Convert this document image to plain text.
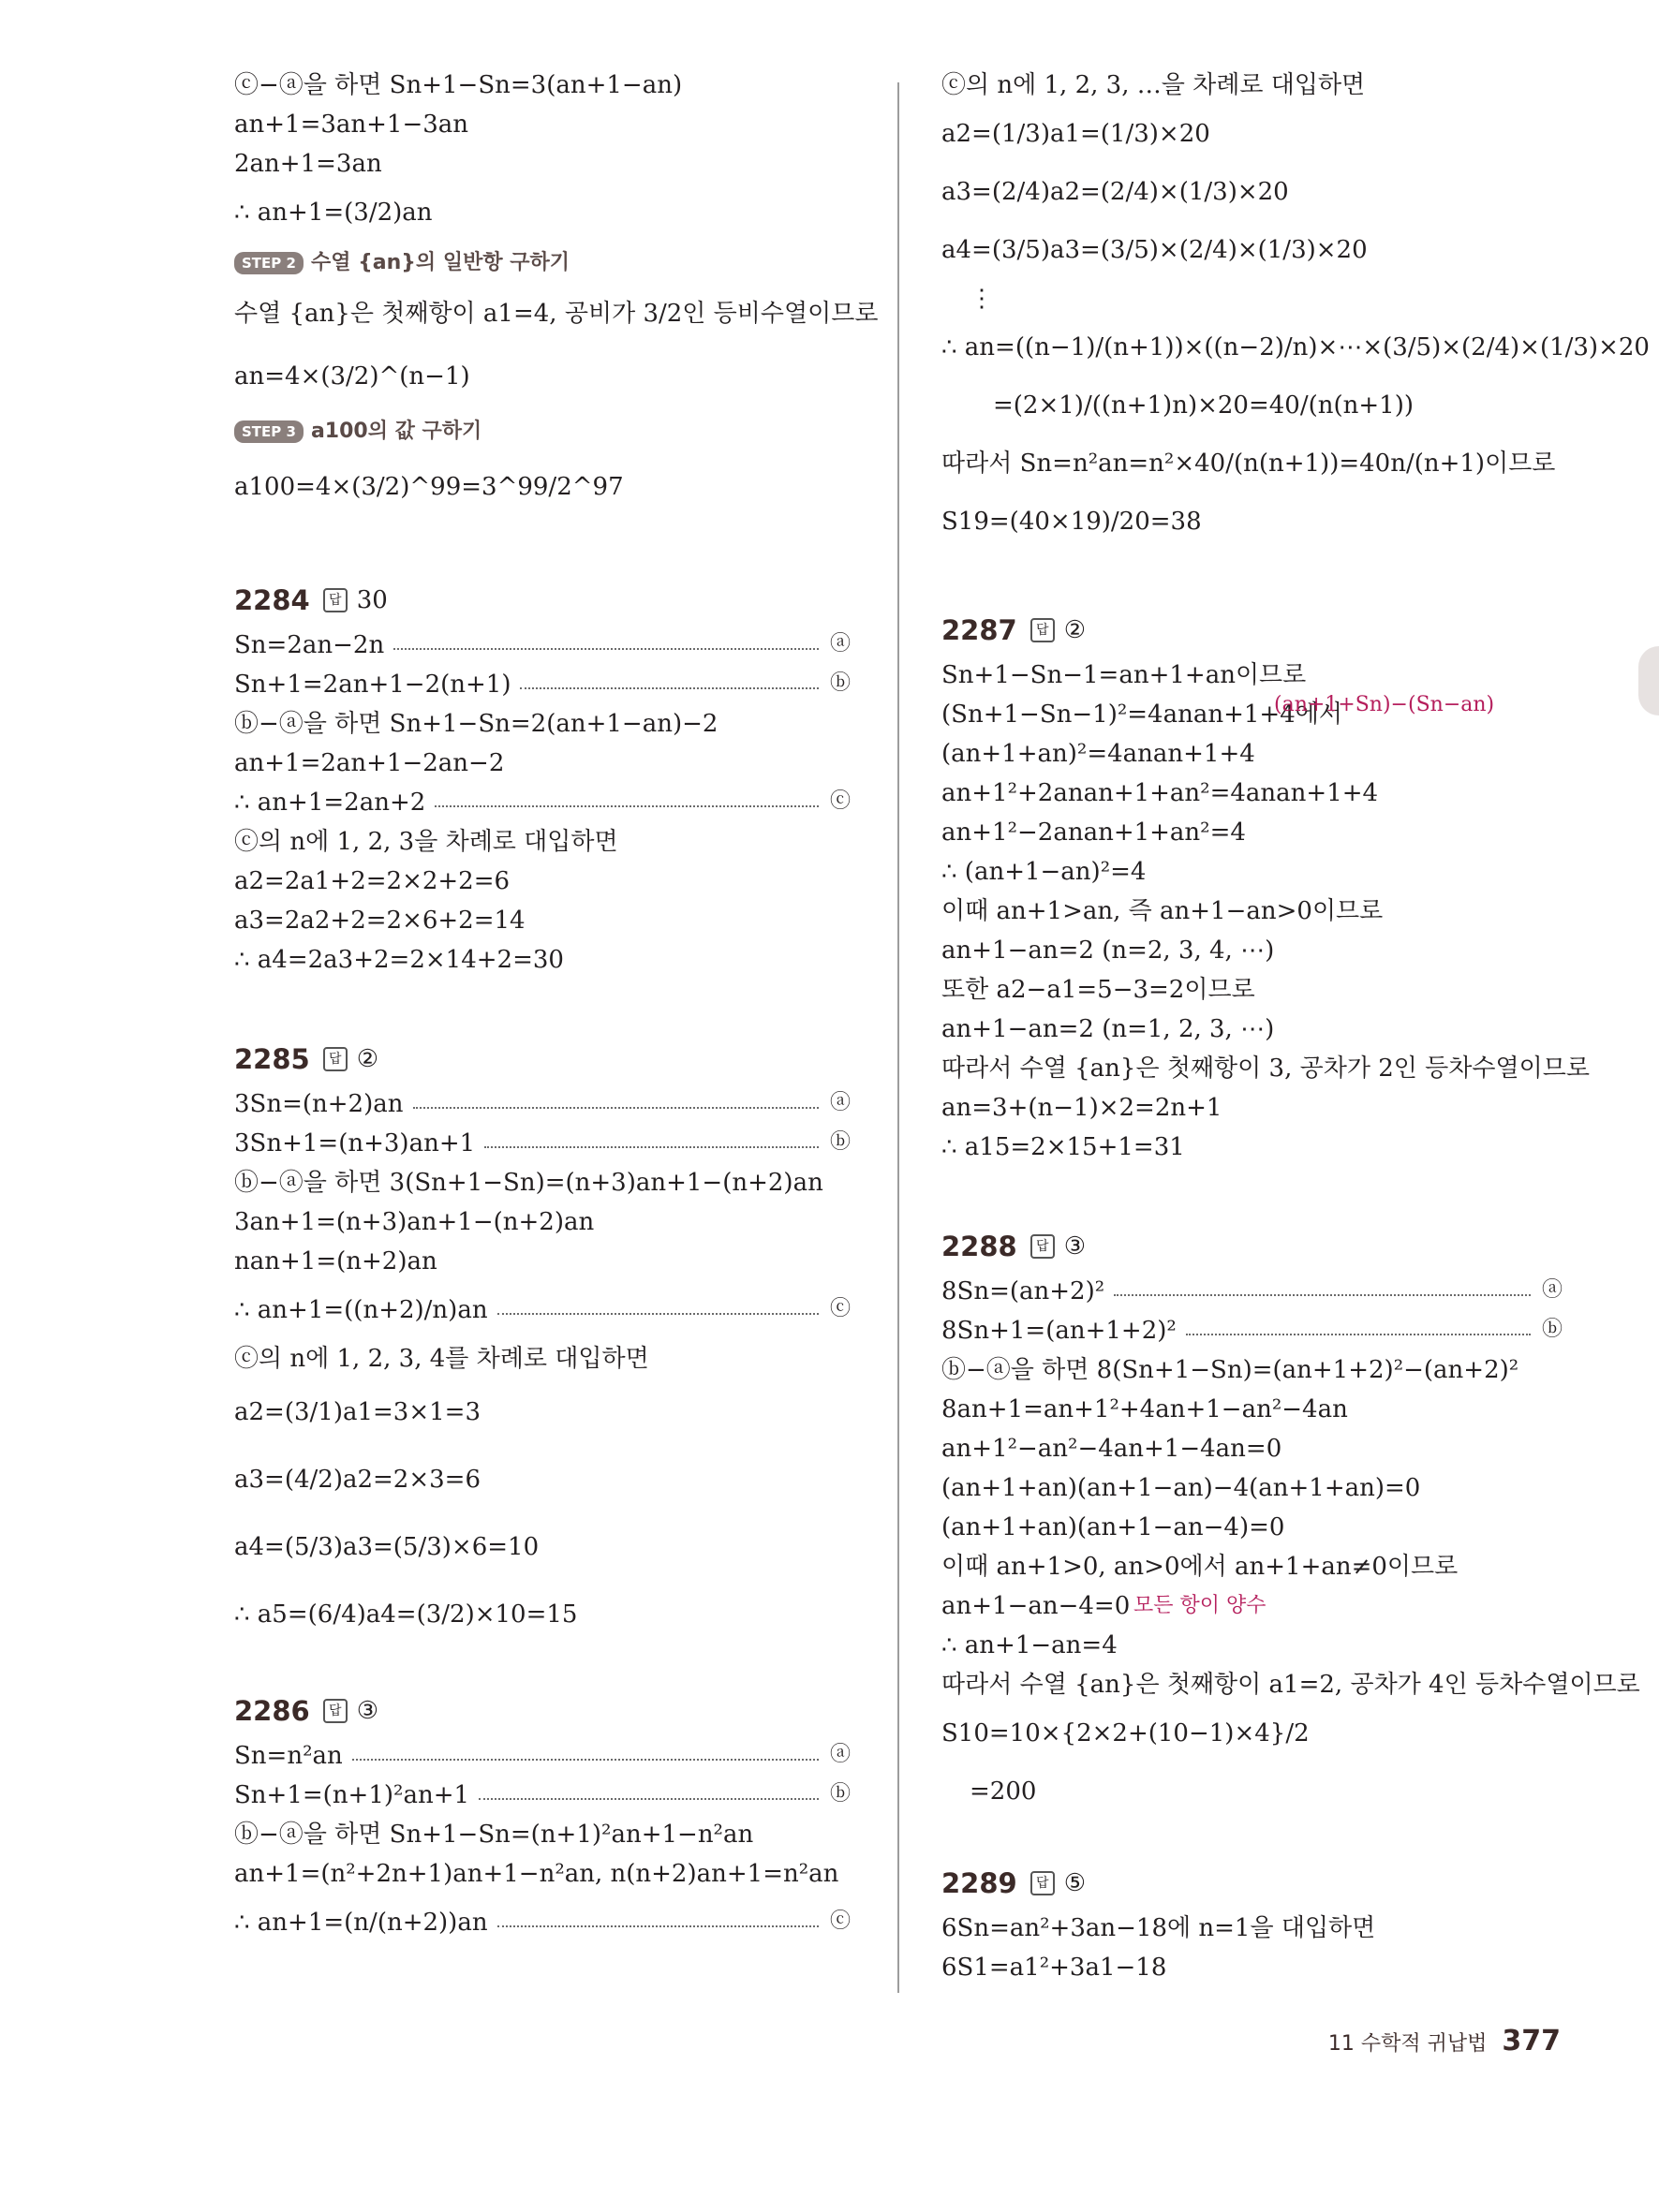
ⓒ−ⓐ을 하면 Sn+1−Sn=3(an+1−an)
an+1=3an+1−3an
2an+1=3an
∴ an+1=(3/2)an
STEP 2 수열 {an}의 일반항 구하기
수열 {an}은 첫째항이 a1=4, 공비가 3/2인 등비수열이므로
an=4×(3/2)^(n−1)
STEP 3 a100의 값 구하기
a100=4×(3/2)^99=3^99/2^97
2284	답 30
Sn=2an−2n	ⓐ
Sn+1=2an+1−2(n+1)	ⓑ
ⓑ−ⓐ을 하면 Sn+1−Sn=2(an+1−an)−2
an+1=2an+1−2an−2
∴ an+1=2an+2	ⓒ
ⓒ의 n에 1, 2, 3을 차례로 대입하면
a2=2a1+2=2×2+2=6
a3=2a2+2=2×6+2=14
∴ a4=2a3+2=2×14+2=30
2285	답 ②
3Sn=(n+2)an	ⓐ
3Sn+1=(n+3)an+1	ⓑ
ⓑ−ⓐ을 하면 3(Sn+1−Sn)=(n+3)an+1−(n+2)an
3an+1=(n+3)an+1−(n+2)an
nan+1=(n+2)an
∴ an+1=((n+2)/n)an	ⓒ
ⓒ의 n에 1, 2, 3, 4를 차례로 대입하면
a2=(3/1)a1=3×1=3
a3=(4/2)a2=2×3=6
a4=(5/3)a3=(5/3)×6=10
∴ a5=(6/4)a4=(3/2)×10=15
2286	답 ③
Sn=n²an	ⓐ
Sn+1=(n+1)²an+1	ⓑ
ⓑ−ⓐ을 하면 Sn+1−Sn=(n+1)²an+1−n²an
an+1=(n²+2n+1)an+1−n²an, n(n+2)an+1=n²an
∴ an+1=(n/(n+2))an	ⓒ
ⓒ의 n에 1, 2, 3, …을 차례로 대입하면
a2=(1/3)a1=(1/3)×20
a3=(2/4)a2=(2/4)×(1/3)×20
a4=(3/5)a3=(3/5)×(2/4)×(1/3)×20
⋮
∴ an=((n−1)/(n+1))×((n−2)/n)×⋯×(3/5)×(2/4)×(1/3)×20
=(2×1)/((n+1)n)×20=40/(n(n+1))
따라서 Sn=n²an=n²×40/(n(n+1))=40n/(n+1)이므로
S19=(40×19)/20=38
2287	답 ②
Sn+1−Sn−1=an+1+an이므로
(Sn+1−Sn−1)²=4anan+1+4에서
(an+1+Sn)−(Sn−an)
(an+1+an)²=4anan+1+4
an+1²+2anan+1+an²=4anan+1+4
an+1²−2anan+1+an²=4
∴ (an+1−an)²=4
이때 an+1>an, 즉 an+1−an>0이므로
an+1−an=2 (n=2, 3, 4, ⋯)
또한 a2−a1=5−3=2이므로
an+1−an=2 (n=1, 2, 3, ⋯)
따라서 수열 {an}은 첫째항이 3, 공차가 2인 등차수열이므로
an=3+(n−1)×2=2n+1
∴ a15=2×15+1=31
2288	답 ③
8Sn=(an+2)²	ⓐ
8Sn+1=(an+1+2)²	ⓑ
ⓑ−ⓐ을 하면 8(Sn+1−Sn)=(an+1+2)²−(an+2)²
8an+1=an+1²+4an+1−an²−4an
an+1²−an²−4an+1−4an=0
(an+1+an)(an+1−an)−4(an+1+an)=0
(an+1+an)(an+1−an−4)=0
이때 an+1>0, an>0에서 an+1+an≠0이므로
an+1−an−4=0 모든 항이 양수
∴ an+1−an=4
따라서 수열 {an}은 첫째항이 a1=2, 공차가 4인 등차수열이므로
S10=10×{2×2+(10−1)×4}/2
=200
2289	답 ⑤
6Sn=an²+3an−18에 n=1을 대입하면
6S1=a1²+3a1−18
11 수학적 귀납법 377
